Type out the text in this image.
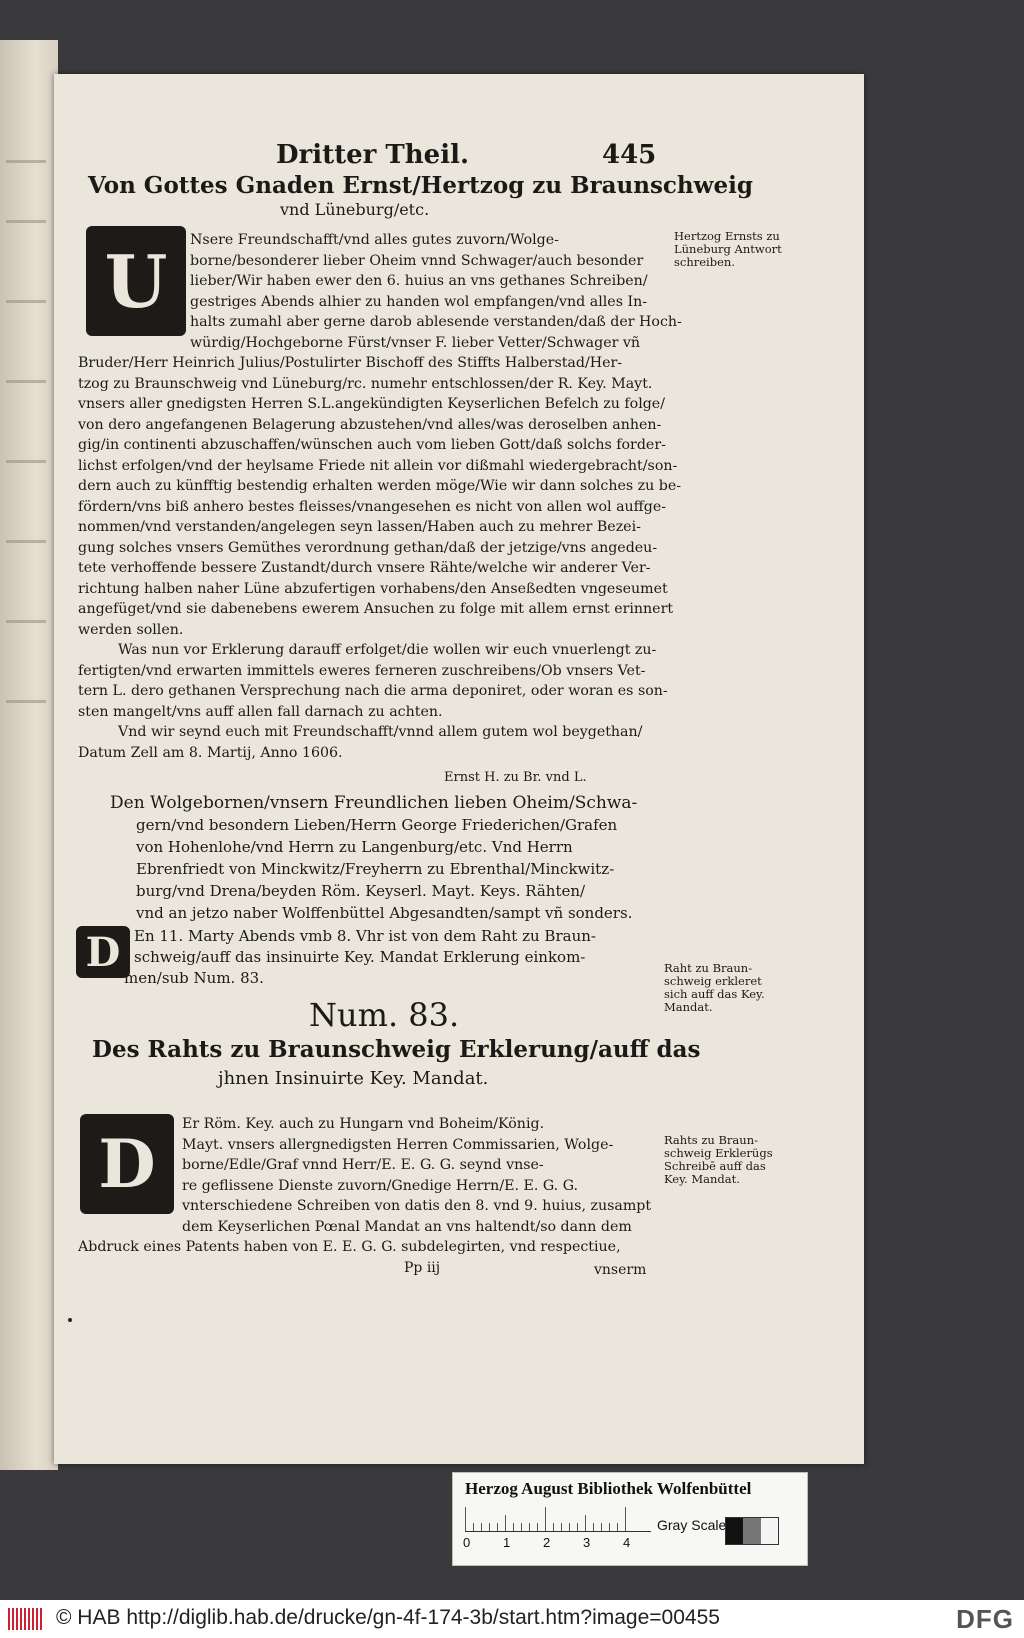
Dritter Theil.	445
Von Gottes Gnaden Ernst/Hertzog zu Braunschweig
vnd Lüneburg/etc.
U	Nsere Freundschafft/vnd alles gutes zuvorn/Wolge-
borne/besonderer lieber Oheim vnnd Schwager/auch besonder
lieber/Wir haben ewer den 6. huius an vns gethanes Schreiben/
gestriges Abends alhier zu handen wol empfangen/vnd alles In-
halts zumahl aber gerne darob ablesende verstanden/daß der Hoch-
würdig/Hochgeborne Fürst/vnser F. lieber Vetter/Schwager vñ
Bruder/Herr Heinrich Julius/Postulirter Bischoff des Stiffts Halberstad/Her-
tzog zu Braunschweig vnd Lüneburg/rc. numehr entschlossen/der R. Key. Mayt.
vnsers aller gnedigsten Herren S.L.angekündigten Keyserlichen Befelch zu folge/
von dero angefangenen Belagerung abzustehen/vnd alles/was deroselben anhen-
gig/in continenti abzuschaffen/wünschen auch vom lieben Gott/daß solchs forder-
lichst erfolgen/vnd der heylsame Friede nit allein vor dißmahl wiedergebracht/son-
dern auch zu künfftig bestendig erhalten werden möge/Wie wir dann solches zu be-
fördern/vns biß anhero bestes fleisses/vnangesehen es nicht von allen wol auffge-
nommen/vnd verstanden/angelegen seyn lassen/Haben auch zu mehrer Bezei-
gung solches vnsers Gemüthes verordnung gethan/daß der jetzige/vns angedeu-
tete verhoffende bessere Zustandt/durch vnsere Rähte/welche wir anderer Ver-
richtung halben naher Lüne abzufertigen vorhabens/den Anseßedten vngeseumet
angefüget/vnd sie dabenebens ewerem Ansuchen zu folge mit allem ernst erinnert
werden sollen.
Was nun vor Erklerung darauff erfolget/die wollen wir euch vnuerlengt zu-
fertigten/vnd erwarten immittels eweres ferneren zuschreibens/Ob vnsers Vet-
tern L. dero gethanen Versprechung nach die arma deponiret, oder woran es son-
sten mangelt/vns auff allen fall darnach zu achten.
Vnd wir seynd euch mit Freundschafft/vnnd allem gutem wol beygethan/
Datum Zell am 8. Martij, Anno 1606.
Ernst H. zu Br. vnd L.
Den Wolgebornen/vnsern Freundlichen lieben Oheim/Schwa-
gern/vnd besondern Lieben/Herrn George Friederichen/Grafen
von Hohenlohe/vnd Herrn zu Langenburg/etc. Vnd Herrn
Ebrenfriedt von Minckwitz/Freyherrn zu Ebrenthal/Minckwitz-
burg/vnd Drena/beyden Röm. Keyserl. Mayt. Keys. Rähten/
vnd an jetzo naber Wolffenbüttel Abgesandten/sampt vñ sonders.
D En 11. Marty Abends vmb 8. Vhr ist von dem Raht zu Braun-
schweig/auff das insinuirte Key. Mandat Erklerung einkom-
men/sub Num. 83.
Num. 83.
Des Rahts zu Braunschweig Erklerung/auff das
jhnen Insinuirte Key. Mandat.
D
Er Röm. Key. auch zu Hungarn vnd Boheim/König.
Mayt. vnsers allergnedigsten Herren Commissarien, Wolge-
borne/Edle/Graf vnnd Herr/E. E. G. G. seynd vnse-
re geflissene Dienste zuvorn/Gnedige Herrn/E. E. G. G.
vnterschiedene Schreiben von datis den 8. vnd 9. huius, zusampt
dem Keyserlichen Pœnal Mandat an vns haltendt/so dann dem
Abdruck eines Patents haben von E. E. G. G. subdelegirten, vnd respectiue,
Pp iij	vnserm
Hertzog Ernsts zu
Lüneburg Antwort
schreiben.
Raht zu Braun-
schweig erkleret
sich auff das Key.
Mandat.
Rahts zu Braun-
schweig Erklerügs
Schreibē auff das
Key. Mandat.
Herzog August Bibliothek Wolfenbüttel
0	1	2	3	4
Gray Scale
© HAB http://diglib.hab.de/drucke/gn-4f-174-3b/start.htm?image=00455	DFG
